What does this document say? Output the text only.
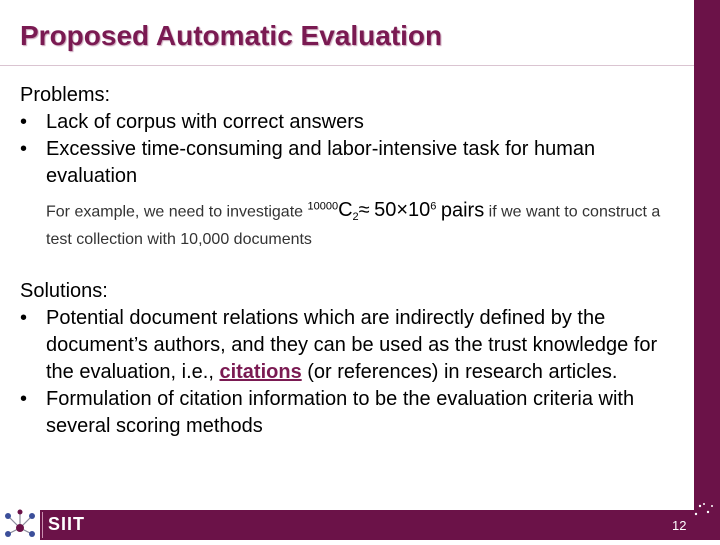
Proposed Automatic Evaluation

Problems:

• Lack of corpus with correct answers
• Excessive time-consuming and labor-intensive task for human evaluation
For example, we need to investigate $^{10000}C_2\approx 50\times 10^6$ pairs if we want to construct a test collection with 10,000 documents

Solutions:

• Potential document relations which are indirectly defined by the document’s authors, and they can be used as the trust knowledge for the evaluation, i.e., citations (or references) in research articles.
• Formulation of citation information to be the evaluation criteria with several scoring methods
SIIT	12
